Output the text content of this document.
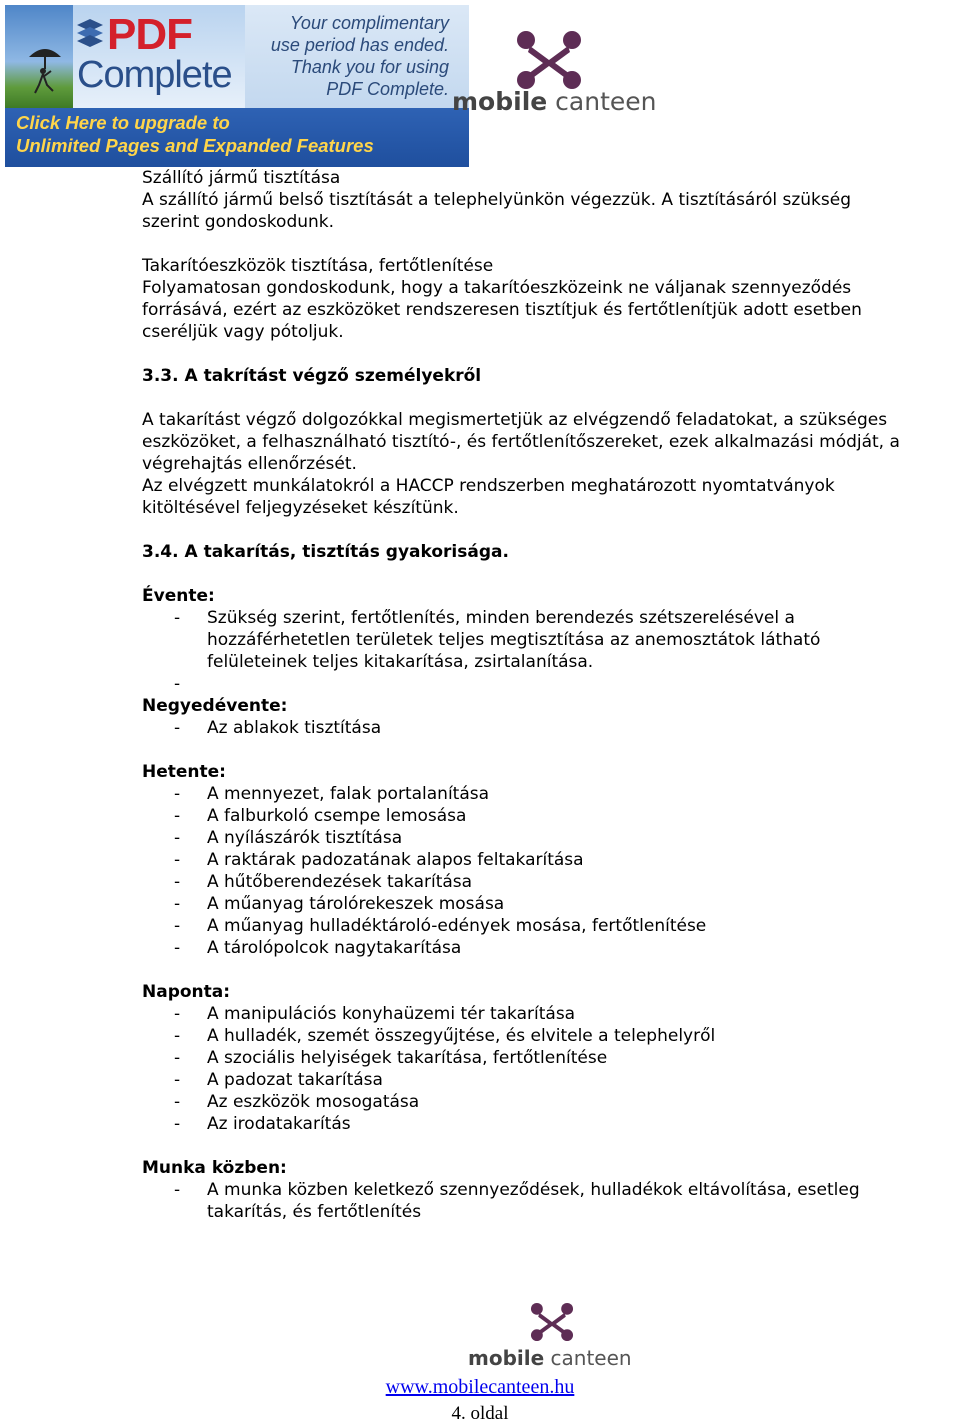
PDF
Complete
Your complimentary
use period has ended.
Thank you for using
PDF Complete.
Click Here to upgrade to
Unlimited Pages and Expanded Features
mobile canteen

Szállító jármű tisztítása

A szállító jármű belső tisztítását a telephelyünkön végezzük. A tisztításáról szükség

szerint gondoskodunk.

Takarítóeszközök tisztítása, fertőtlenítése

Folyamatosan gondoskodunk, hogy a takarítóeszközeink ne váljanak szennyeződés

forrásává, ezért az eszközöket rendszeresen tisztítjuk és fertőtlenítjük adott esetben

cseréljük vagy pótoljuk.

3.3. A takrítást végző személyekről

A takarítást végző dolgozókkal megismertetjük az elvégzendő feladatokat, a szükséges

eszközöket, a felhasználható tisztító-, és fertőtlenítőszereket, ezek alkalmazási módját, a

végrehajtás ellenőrzését.

Az elvégzett munkálatokról a HACCP rendszerben meghatározott nyomtatványok

kitöltésével feljegyzéseket készítünk.

3.4. A takarítás, tisztítás gyakorisága.

Évente:

- Szükség szerint, fertőtlenítés, minden berendezés szétszerelésével a
hozzáférhetetlen területek teljes megtisztítása az anemosztátok látható
felületeinek teljes kitakarítása, zsirtalanítása.
-

Negyedévente:

- Az ablakok tisztítása

Hetente:

- A mennyezet, falak portalanítása
- A falburkoló csempe lemosása
- A nyílászárók tisztítása
- A raktárak padozatának alapos feltakarítása
- A hűtőberendezések takarítása
- A műanyag tárolórekeszek mosása
- A műanyag hulladéktároló-edények mosása, fertőtlenítése
- A tárolópolcok nagytakarítása

Naponta:

- A manipulációs konyhaüzemi tér takarítása
- A hulladék, szemét összegyűjtése, és elvitele a telephelyről
- A szociális helyiségek takarítása, fertőtlenítése
- A padozat takarítása
- Az eszközök mosogatása
- Az irodatakarítás

Munka közben:

- A munka közben keletkező szennyeződések, hulladékok eltávolítása, esetleg
takarítás, és fertőtlenítés
mobile canteen
www.mobilecanteen.hu
4. oldal
